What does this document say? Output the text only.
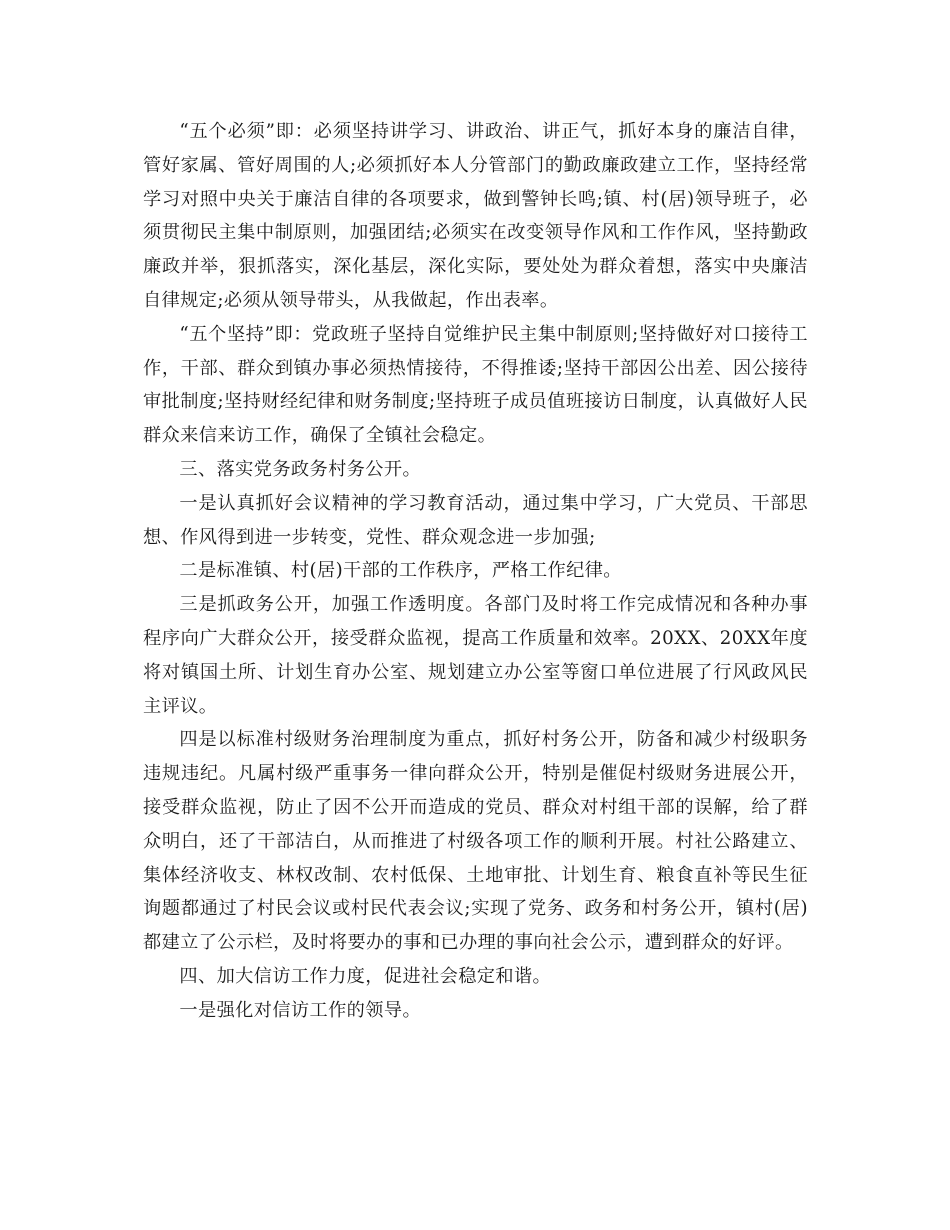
“五个必须”即：必须坚持讲学习、讲政治、讲正气，抓好本身的廉洁自律，管好家属、管好周围的人;必须抓好本人分管部门的勤政廉政建立工作，坚持经常学习对照中央关于廉洁自律的各项要求，做到警钟长鸣;镇、村(居)领导班子，必须贯彻民主集中制原则，加强团结;必须实在改变领导作风和工作作风，坚持勤政廉政并举，狠抓落实，深化基层，深化实际，要处处为群众着想，落实中央廉洁自律规定;必须从领导带头，从我做起，作出表率。

“五个坚持”即：党政班子坚持自觉维护民主集中制原则;坚持做好对口接待工作，干部、群众到镇办事必须热情接待，不得推诿;坚持干部因公出差、因公接待审批制度;坚持财经纪律和财务制度;坚持班子成员值班接访日制度，认真做好人民群众来信来访工作，确保了全镇社会稳定。

三、落实党务政务村务公开。

一是认真抓好会议精神的学习教育活动，通过集中学习，广大党员、干部思想、作风得到进一步转变，党性、群众观念进一步加强;

二是标准镇、村(居)干部的工作秩序，严格工作纪律。

三是抓政务公开，加强工作透明度。各部门及时将工作完成情况和各种办事程序向广大群众公开，接受群众监视，提高工作质量和效率。20XX、20XX年度将对镇国土所、计划生育办公室、规划建立办公室等窗口单位进展了行风政风民主评议。

四是以标准村级财务治理制度为重点，抓好村务公开，防备和减少村级职务违规违纪。凡属村级严重事务一律向群众公开，特别是催促村级财务进展公开，接受群众监视，防止了因不公开而造成的党员、群众对村组干部的误解，给了群众明白，还了干部洁白，从而推进了村级各项工作的顺利开展。村社公路建立、集体经济收支、林权改制、农村低保、土地审批、计划生育、粮食直补等民生征询题都通过了村民会议或村民代表会议;实现了党务、政务和村务公开，镇村(居)都建立了公示栏，及时将要办的事和已办理的事向社会公示，遭到群众的好评。

四、加大信访工作力度，促进社会稳定和谐。

一是强化对信访工作的领导。
